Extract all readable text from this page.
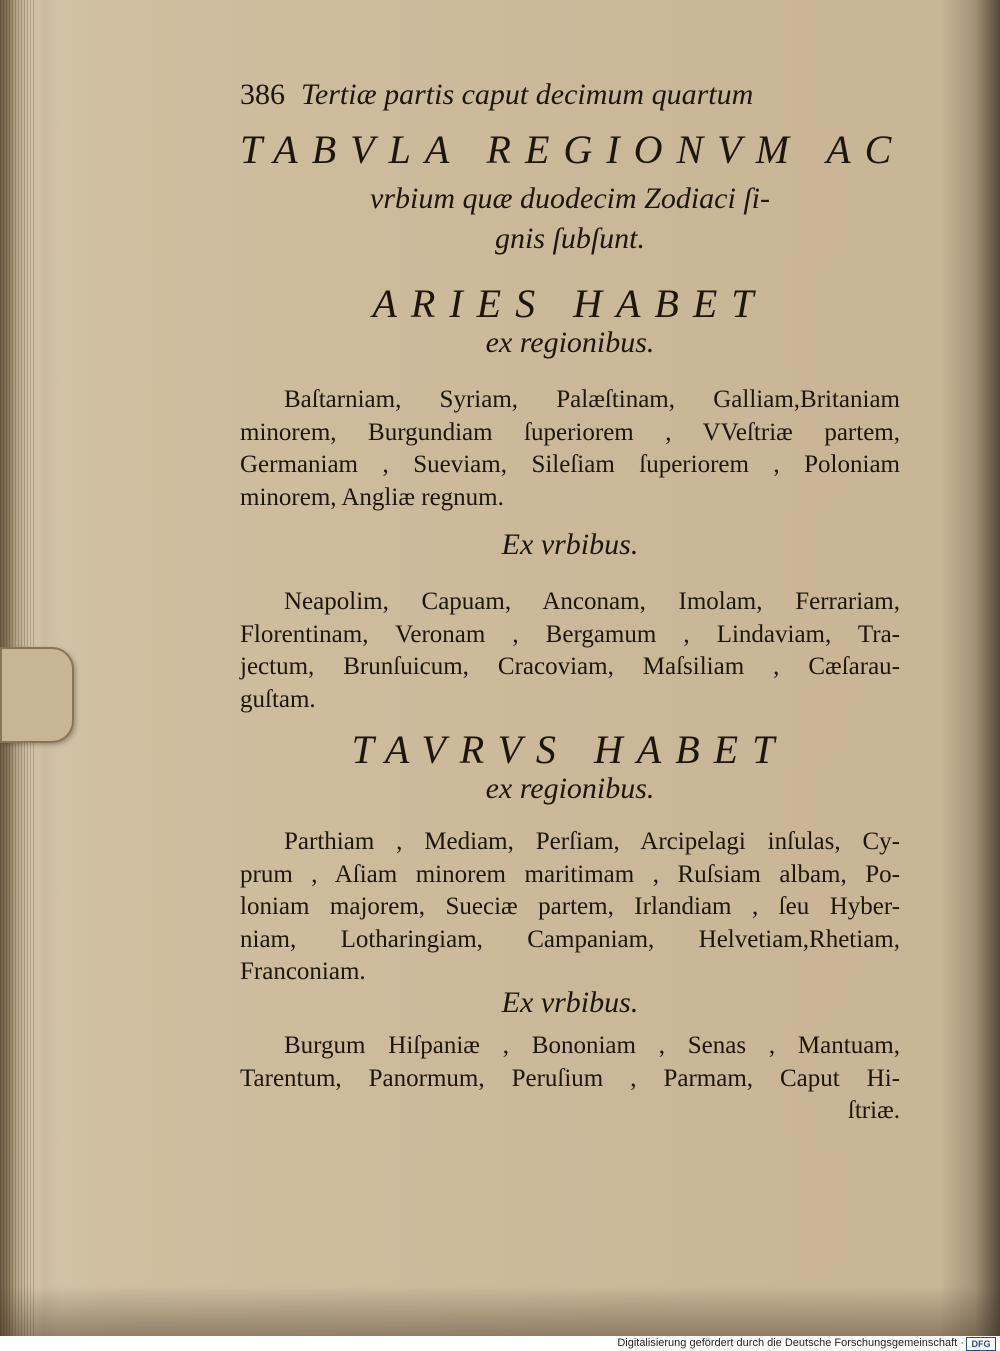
386 Tertiæ partis caput decimum quartum
TABVLA REGIONVM AC
vrbium quæ duodecim Zodiaci ſi-
gnis ſubſunt.
ARIES HABET
ex regionibus.

Baſtarniam, Syriam, Palæſtinam, Galliam,Britaniam
minorem, Burgundiam ſuperiorem , VVeſtriæ partem,
Germaniam , Sueviam, Sileſiam ſuperiorem , Poloniam
minorem, Angliæ regnum.

Ex vrbibus.

Neapolim, Capuam, Anconam, Imolam, Ferrariam,
Florentinam, Veronam , Bergamum , Lindaviam, Tra-
jectum, Brunſuicum, Cracoviam, Maſsiliam , Cæſarau-
guſtam.

TAVRVS HABET
ex regionibus.

Parthiam , Mediam, Perſiam, Arcipelagi inſulas, Cy-
prum , Aſiam minorem maritimam , Ruſsiam albam, Po-
loniam majorem, Sueciæ partem, Irlandiam , ſeu Hyber-
niam, Lotharingiam, Campaniam, Helvetiam,Rhetiam,
Franconiam.

Ex vrbibus.

Burgum Hiſpaniæ , Bononiam , Senas , Mantuam,
Tarentum, Panormum, Peruſium , Parmam, Caput Hi-
ſtriæ.

Digitalisierung gefördert durch die Deutsche Forschungsgemeinschaft · DFG
